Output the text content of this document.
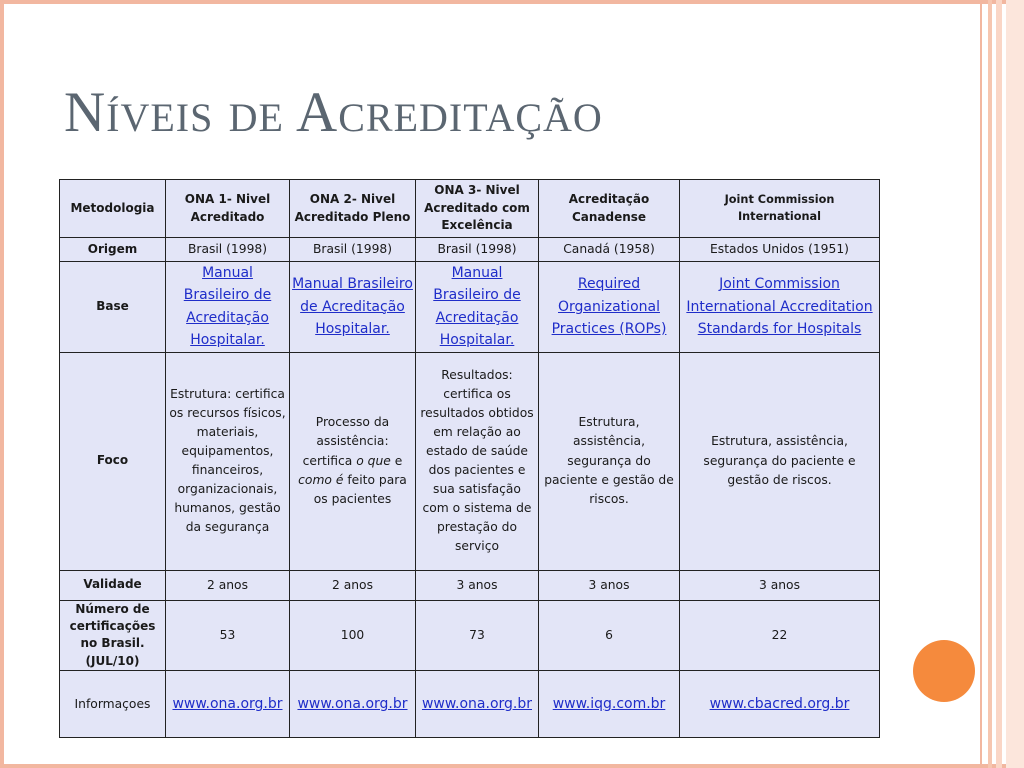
Níveis de Acreditação
Metodologia	ONA 1- Nivel Acreditado	ONA 2- Nivel Acreditado Pleno	ONA 3- Nivel Acreditado com Excelência	Acreditação Canadense	Joint Commission International
Origem	Brasil (1998)	Brasil (1998)	Brasil (1998)	Canadá (1958)	Estados Unidos (1951)
Base	Manual Brasileiro de Acreditação Hospitalar.	Manual Brasileiro de Acreditação Hospitalar.	Manual Brasileiro de Acreditação Hospitalar.	Required Organizational Practices (ROPs)	Joint Commission International Accreditation Standards for Hospitals
Foco	Estrutura: certifica os recursos físicos, materiais, equipamentos, financeiros, organizacionais, humanos, gestão da segurança	Processo da assistência: certifica o que e como é feito para os pacientes	Resultados: certifica os resultados obtidos em relação ao estado de saúde dos pacientes e sua satisfação com o sistema de prestação do serviço	Estrutura, assistência, segurança do paciente e gestão de riscos.	Estrutura, assistência, segurança do paciente e gestão de riscos.
Validade	2 anos	2 anos	3 anos	3 anos	3 anos
Número de certificações no Brasil. (JUL/10)	53	100	73	6	22
Informaçoes	www.ona.org.br	www.ona.org.br	www.ona.org.br	www.iqg.com.br	www.cbacred.org.br
